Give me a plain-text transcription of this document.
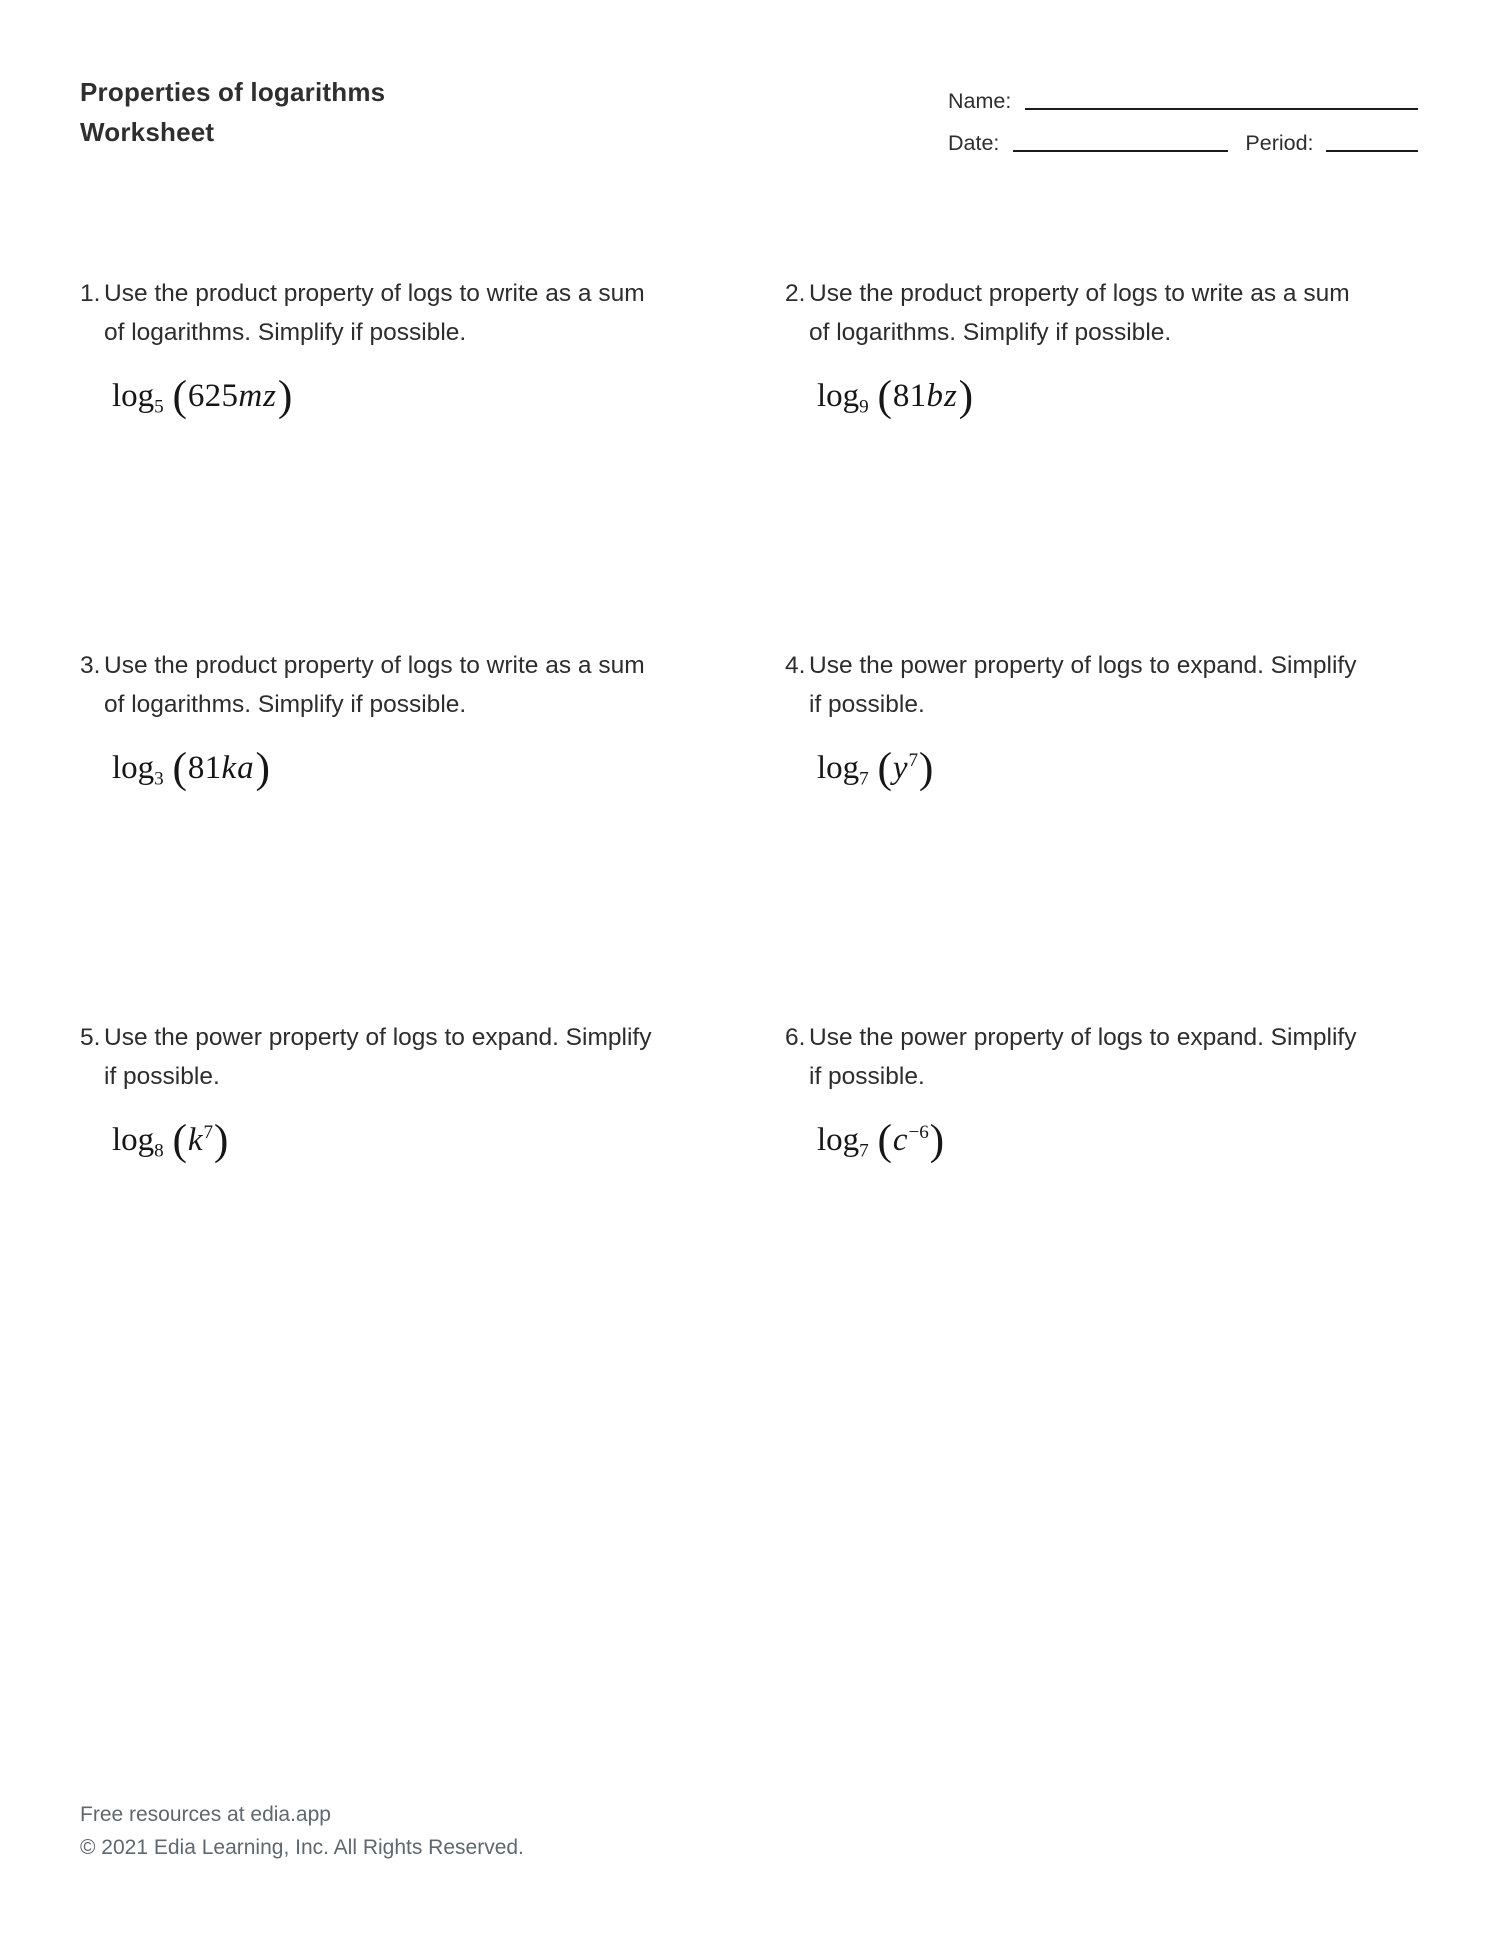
Properties of logarithms
Worksheet
Name:
Date:	Period:
1. Use the product property of logs to write as a sum of logarithms. Simplify if possible.
$\log_5 (625mz)$
2. Use the product property of logs to write as a sum of logarithms. Simplify if possible.
$\log_9 (81bz)$
3. Use the product property of logs to write as a sum of logarithms. Simplify if possible.
$\log_3 (81ka)$
4. Use the power property of logs to expand. Simplify if possible.
$\log_7 (y^7)$
5. Use the power property of logs to expand. Simplify if possible.
$\log_8 (k^7)$
6. Use the power property of logs to expand. Simplify if possible.
$\log_7 (c^{-6})$
Free resources at edia.app
© 2021 Edia Learning, Inc. All Rights Reserved.
